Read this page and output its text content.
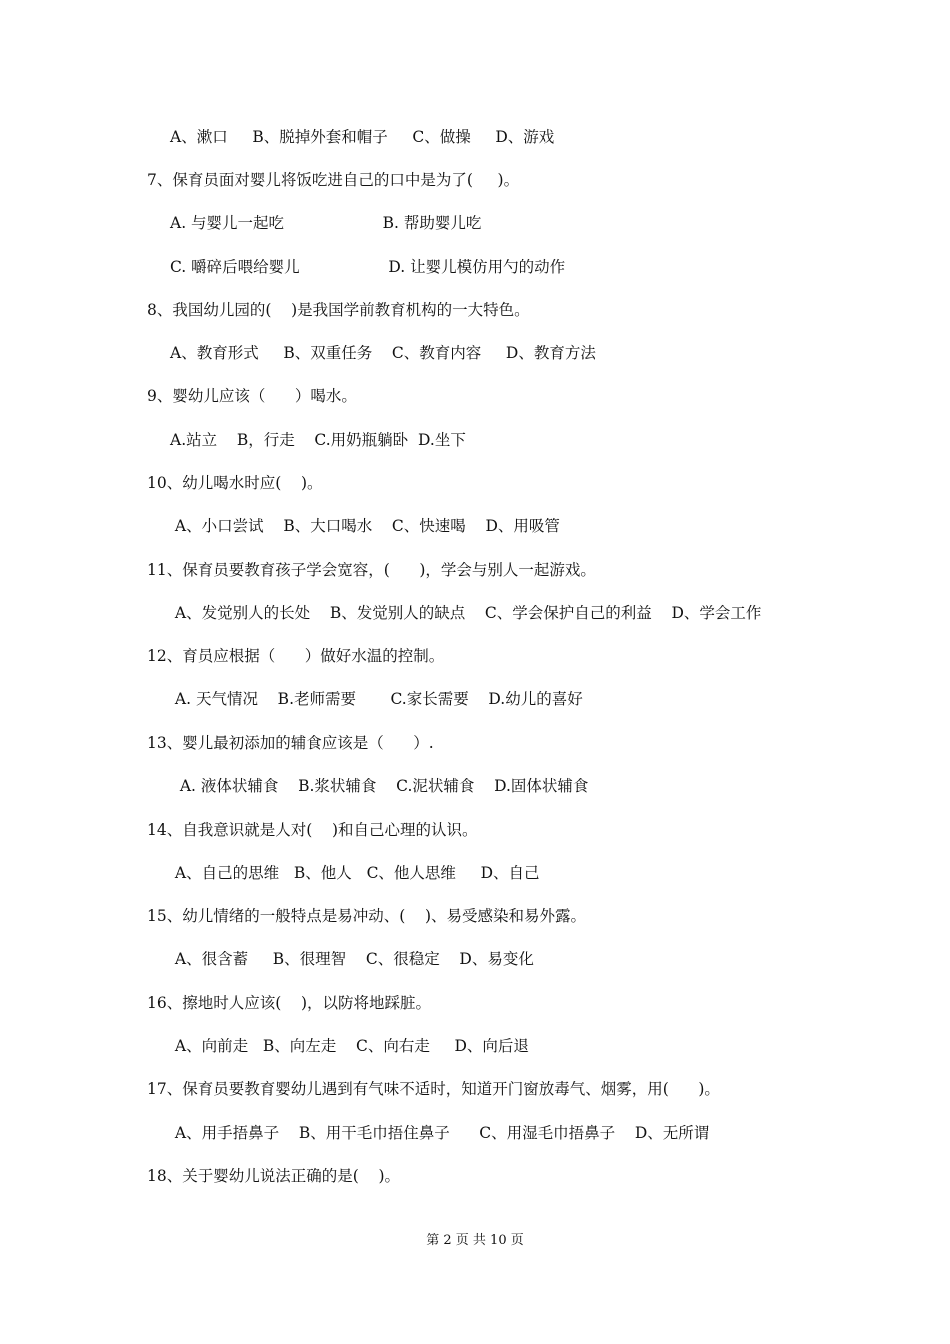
A、漱口     B、脱掉外套和帽子     C、做操     D、游戏
7、保育员面对婴儿将饭吃进自己的口中是为了(     )。
A. 与婴儿一起吃                    B. 帮助婴儿吃
C. 嚼碎后喂给婴儿                  D. 让婴儿模仿用勺的动作
8、我国幼儿园的(    )是我国学前教育机构的一大特色。
A、教育形式     B、双重任务    C、教育内容     D、教育方法
9、婴幼儿应该（      ）喝水。
A.站立    B，行走    C.用奶瓶躺卧  D.坐下
10、幼儿喝水时应(    )。
A、小口尝试    B、大口喝水    C、快速喝    D、用吸管
11、保育员要教育孩子学会宽容，(      )，学会与别人一起游戏。
A、发觉别人的长处    B、发觉别人的缺点    C、学会保护自己的利益    D、学会工作
12、育员应根据（      ）做好水温的控制。
A. 天气情况    B.老师需要       C.家长需要    D.幼儿的喜好
13、婴儿最初添加的辅食应该是（      ）.
A. 液体状辅食    B.浆状辅食    C.泥状辅食    D.固体状辅食
14、自我意识就是人对(    )和自己心理的认识。
A、自己的思维   B、他人   C、他人思维     D、自己
15、幼儿情绪的一般特点是易冲动、(    )、易受感染和易外露。
A、很含蓄     B、很理智    C、很稳定    D、易变化
16、擦地时人应该(    )，以防将地踩脏。
A、向前走   B、向左走    C、向右走     D、向后退
17、保育员要教育婴幼儿遇到有气味不适时，知道开门窗放毒气、烟雾，用(      )。
A、用手捂鼻子    B、用干毛巾捂住鼻子      C、用湿毛巾捂鼻子    D、无所谓
18、关于婴幼儿说法正确的是(    )。
第 2 页 共 10 页
